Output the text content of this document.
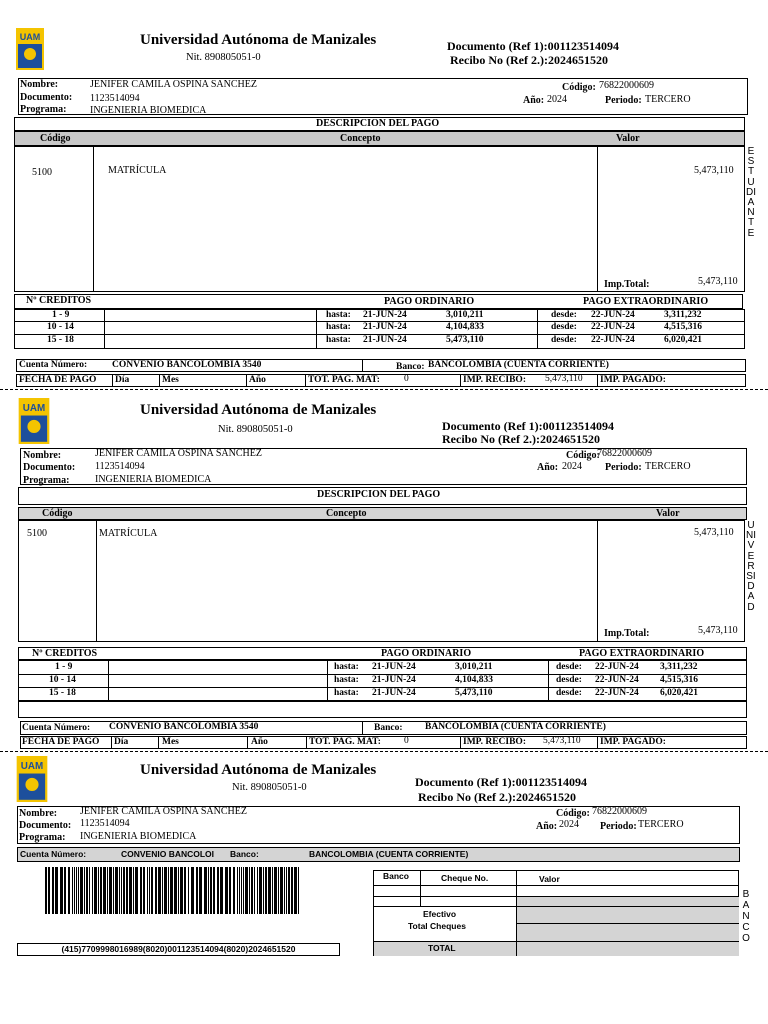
UAM	Universidad Autónoma de Manizales
Nit. 890805051-0
Documento (Ref 1):001123514094
Recibo No (Ref 2.):2024651520
Nombre:	JENIFER CAMILA OSPINA SANCHEZ
Documento: 1123514094
Programa: INGENIERIA BIOMEDICA
Código: 76822000609
Año: 2024	Periodo: TERCERO
DESCRIPCION DEL PAGO
Código	Concepto	Valor
5100	MATRÍCULA	5,473,110
Imp.Total:	5,473,110
ESTUDIANTE
Nº CREDITOS	PAGO ORDINARIO	PAGO EXTRAORDINARIO
1 - 9	hasta: 21-JUN-24	3,010,211	desde: 22-JUN-24	3,311,232
10 - 14	hasta: 21-JUN-24	4,104,833	desde: 22-JUN-24	4,515,316
15 - 18	hasta: 21-JUN-24	5,473,110	desde: 22-JUN-24	6,020,421
Cuenta Número:	CONVENIO BANCOLOMBIA 3540	Banco: BANCOLOMBIA (CUENTA CORRIENTE)
FECHA DE PAGO Día	Mes	Año	TOT. PAG. MAT:	0	IMP. RECIBO: 5,473,110 IMP. PAGADO:
UAM	Universidad Autónoma de Manizales
Nit. 890805051-0	Documento (Ref 1):001123514094
Recibo No (Ref 2.):2024651520
Nombre:	JENIFER CAMILA OSPINA SANCHEZ
Documento: 1123514094
Programa:	INGENIERIA BIOMEDICA
Código:
76822000609
Año: 2024 Periodo: TERCERO
DESCRIPCION DEL PAGO
Código	Concepto	Valor
5100	MATRÍCULA	5,473,110
Imp.Total:	5,473,110
UNIVERSIDAD
Nº CREDITOS	PAGO ORDINARIO	PAGO EXTRAORDINARIO
1 - 9	hasta: 21-JUN-24	3,010,211	desde: 22-JUN-24 3,311,232
10 - 14	hasta: 21-JUN-24	4,104,833	desde: 22-JUN-24 4,515,316
15 - 18	hasta: 21-JUN-24	5,473,110	desde: 22-JUN-24 6,020,421
Cuenta Número: CONVENIO BANCOLOMBIA 3540	Banco: BANCOLOMBIA (CUENTA CORRIENTE)
FECHA DE PAGO Día	Mes	Año	TOT. PAG. MAT: 0	IMP. RECIBO: 5,473,110 IMP. PAGADO:
UAM	Universidad Autónoma de Manizales
Nit. 890805051-0	Documento (Ref 1):001123514094
Recibo No (Ref 2.):2024651520
Nombre: JENIFER CAMILA OSPINA SANCHEZ
Documento: 1123514094
Programa: INGENIERIA BIOMEDICA
Código: 76822000609
Año: 2024 Periodo: TERCERO
Cuenta Número:	CONVENIO BANCOLOI	Banco:	BANCOLOMBIA (CUENTA CORRIENTE)
(415)7709998016989(8020)001123514094(8020)2024651520
Banco	Cheque No.	Valor
Efectivo
Total Cheques
TOTAL
BANCO
